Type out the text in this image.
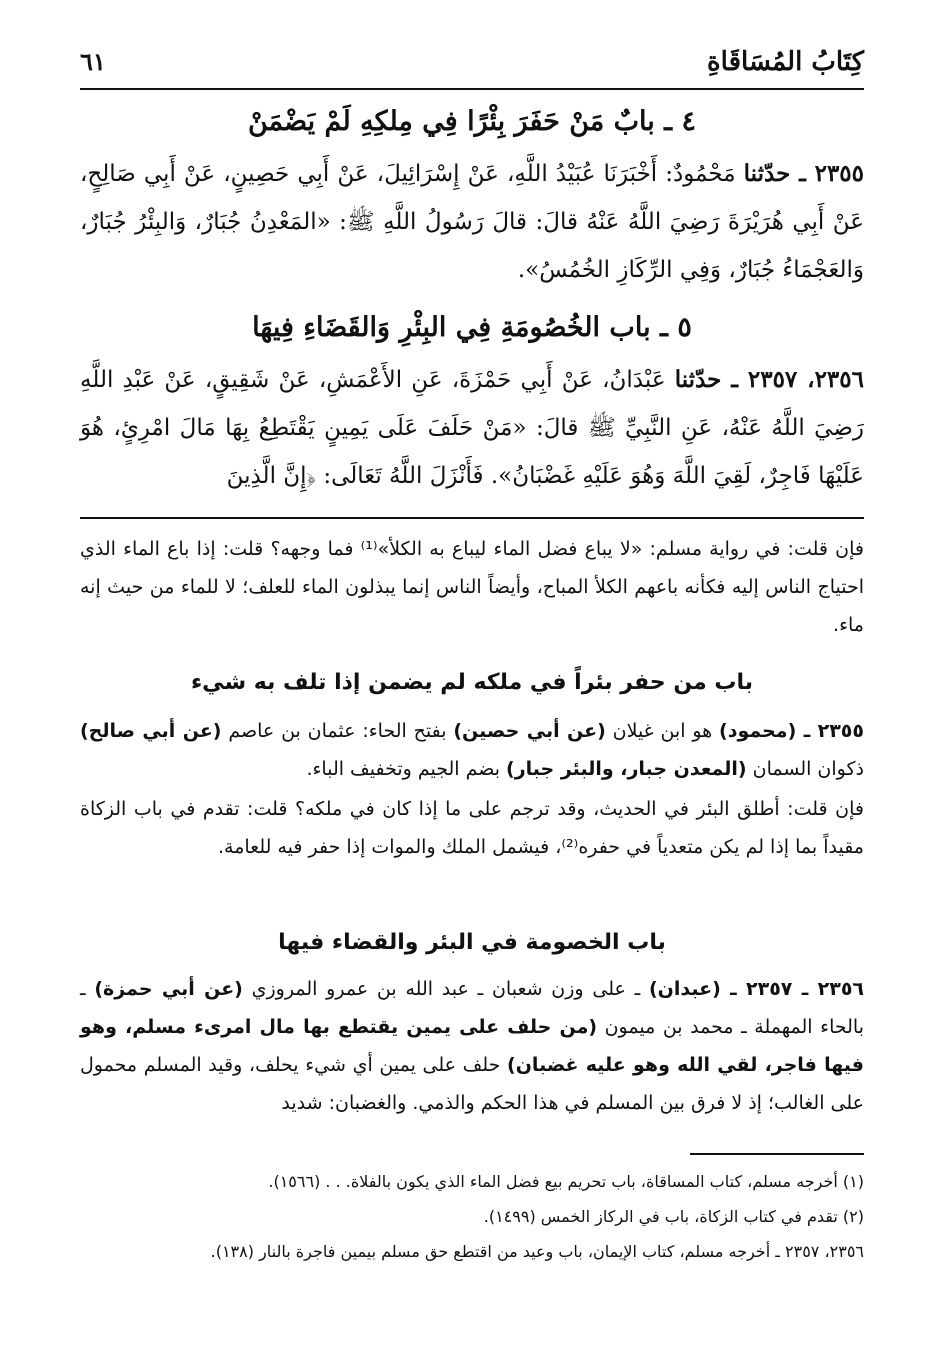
كِتَابُ المُسَاقَاةِ
٦١
٤ ـ بابٌ مَنْ حَفَرَ بِئْرًا فِي مِلكِهِ لَمْ يَضْمَنْ
٢٣٥٥ ـ حدّثنا مَحْمُودٌ: أَخْبَرَنَا عُبَيْدُ اللَّهِ، عَنْ إِسْرَائِيلَ، عَنْ أَبِي حَصِينٍ، عَنْ أَبِي صَالِحٍ، عَنْ أَبِي هُرَيْرَةَ رَضِيَ اللَّهُ عَنْهُ قالَ: قالَ رَسُولُ اللَّهِ ﷺ: «المَعْدِنُ جُبَارٌ، وَالبِئْرُ جُبَارٌ، وَالعَجْمَاءُ جُبَارٌ، وَفِي الرِّكَازِ الخُمُسُ».
٥ ـ باب الخُصُومَةِ فِي البِئْرِ وَالقَضَاءِ فِيهَا
٢٣٥٦، ٢٣٥٧ ـ حدّثنا عَبْدَانُ، عَنْ أَبِي حَمْزَةَ، عَنِ الأَعْمَشِ، عَنْ شَقِيقٍ، عَنْ عَبْدِ اللَّهِ رَضِيَ اللَّهُ عَنْهُ، عَنِ النَّبِيِّ ﷺ قالَ: «مَنْ حَلَفَ عَلَى يَمِينٍ يَقْتَطِعُ بِهَا مَالَ امْرِئٍ، هُوَ عَلَيْهَا فَاجِرٌ، لَقِيَ اللَّهَ وَهُوَ عَلَيْهِ غَضْبَانُ». فَأَنْزَلَ اللَّهُ تَعَالَى: ﴿إِنَّ الَّذِينَ
فإن قلت: في رواية مسلم: «لا يباع فضل الماء ليباع به الكلأ»⁽¹⁾ فما وجهه؟ قلت: إذا باع الماء الذي احتياج الناس إليه فكأنه باعهم الكلأ المباح، وأيضاً الناس إنما يبذلون الماء للعلف؛ لا للماء من حيث إنه ماء.
باب من حفر بئراً في ملكه لم يضمن إذا تلف به شيء
٢٣٥٥ ـ (محمود) هو ابن غيلان (عن أبي حصين) بفتح الحاء: عثمان بن عاصم (عن أبي صالح) ذكوان السمان (المعدن جبار، والبئر جبار) بضم الجيم وتخفيف الباء.
فإن قلت: أطلق البئر في الحديث، وقد ترجم على ما إذا كان في ملكه؟ قلت: تقدم في باب الزكاة مقيداً بما إذا لم يكن متعدياً في حفره⁽²⁾، فيشمل الملك والموات إذا حفر فيه للعامة.
باب الخصومة في البئر والقضاء فيها
٢٣٥٦ ـ ٢٣٥٧ ـ (عبدان) ـ على وزن شعبان ـ عبد الله بن عمرو المروزي (عن أبي حمزة) ـ بالحاء المهملة ـ محمد بن ميمون (من حلف على يمين يقتطع بها مال امرىء مسلم، وهو فيها فاجر، لقي الله وهو عليه غضبان) حلف على يمين أي شيء يحلف، وقيد المسلم محمول على الغالب؛ إذ لا فرق بين المسلم في هذا الحكم والذمي. والغضبان: شديد
(١) أخرجه مسلم، كتاب المساقاة، باب تحريم بيع فضل الماء الذي يكون بالفلاة. . . (١٥٦٦).
(٢) تقدم في كتاب الزكاة، باب في الركاز الخمس (١٤٩٩).
٢٣٥٦، ٢٣٥٧ ـ أخرجه مسلم، كتاب الإيمان، باب وعيد من اقتطع حق مسلم بيمين فاجرة بالنار (١٣٨).
